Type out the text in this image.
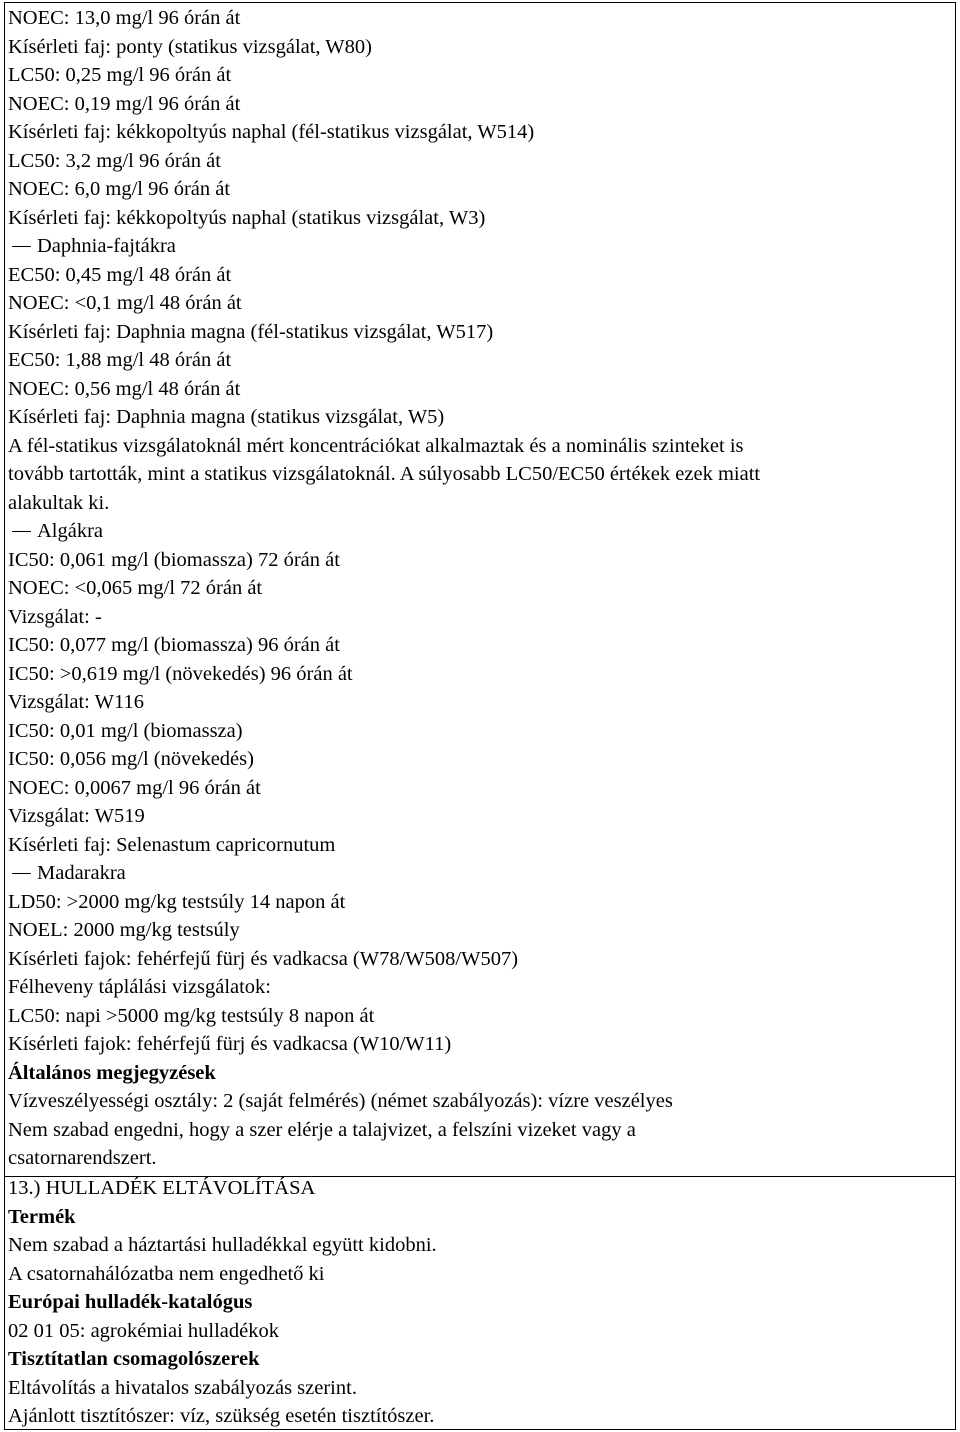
NOEC: 13,0 mg/l 96 órán át
Kísérleti faj: ponty (statikus vizsgálat, W80)
LC50: 0,25 mg/l 96 órán át
NOEC: 0,19 mg/l 96 órán át
Kísérleti faj: kékkopoltyús naphal (fél-statikus vizsgálat, W514)
LC50: 3,2 mg/l 96 órán át
NOEC: 6,0 mg/l 96 órán át
Kísérleti faj: kékkopoltyús naphal (statikus vizsgálat, W3)
Daphnia-fajtákra
EC50: 0,45 mg/l 48 órán át
NOEC: <0,1 mg/l 48 órán át
Kísérleti faj: Daphnia magna (fél-statikus vizsgálat, W517)
EC50: 1,88 mg/l 48 órán át
NOEC: 0,56 mg/l 48 órán át
Kísérleti faj: Daphnia magna (statikus vizsgálat, W5)
A fél-statikus vizsgálatoknál mért koncentrációkat alkalmaztak és a nominális szinteket is
tovább tartották, mint a statikus vizsgálatoknál. A súlyosabb LC50/EC50 értékek ezek miatt
alakultak ki.
Algákra
IC50: 0,061 mg/l (biomassza) 72 órán át
NOEC: <0,065 mg/l 72 órán át
Vizsgálat: -
IC50: 0,077 mg/l (biomassza) 96 órán át
IC50: >0,619 mg/l (növekedés) 96 órán át
Vizsgálat: W116
IC50: 0,01 mg/l (biomassza)
IC50: 0,056 mg/l (növekedés)
NOEC: 0,0067 mg/l 96 órán át
Vizsgálat: W519
Kísérleti faj: Selenastum capricornutum
Madarakra
LD50: >2000 mg/kg testsúly 14 napon át
NOEL: 2000 mg/kg testsúly
Kísérleti fajok: fehérfejű fürj és vadkacsa (W78/W508/W507)
Félheveny táplálási vizsgálatok:
LC50: napi >5000 mg/kg testsúly 8 napon át
Kísérleti fajok: fehérfejű fürj és vadkacsa (W10/W11)
Általános megjegyzések
Vízveszélyességi osztály: 2 (saját felmérés) (német szabályozás): vízre veszélyes
Nem szabad engedni, hogy a szer elérje a talajvizet, a felszíni vizeket vagy a
csatornarendszert.
13.) HULLADÉK ELTÁVOLÍTÁSA
Termék
Nem szabad a háztartási hulladékkal együtt kidobni.
A csatornahálózatba nem engedhető ki
Európai hulladék-katalógus
02 01 05: agrokémiai hulladékok
Tisztítatlan csomagolószerek
Eltávolítás a hivatalos szabályozás szerint.
Ajánlott tisztítószer: víz, szükség esetén tisztítószer.
